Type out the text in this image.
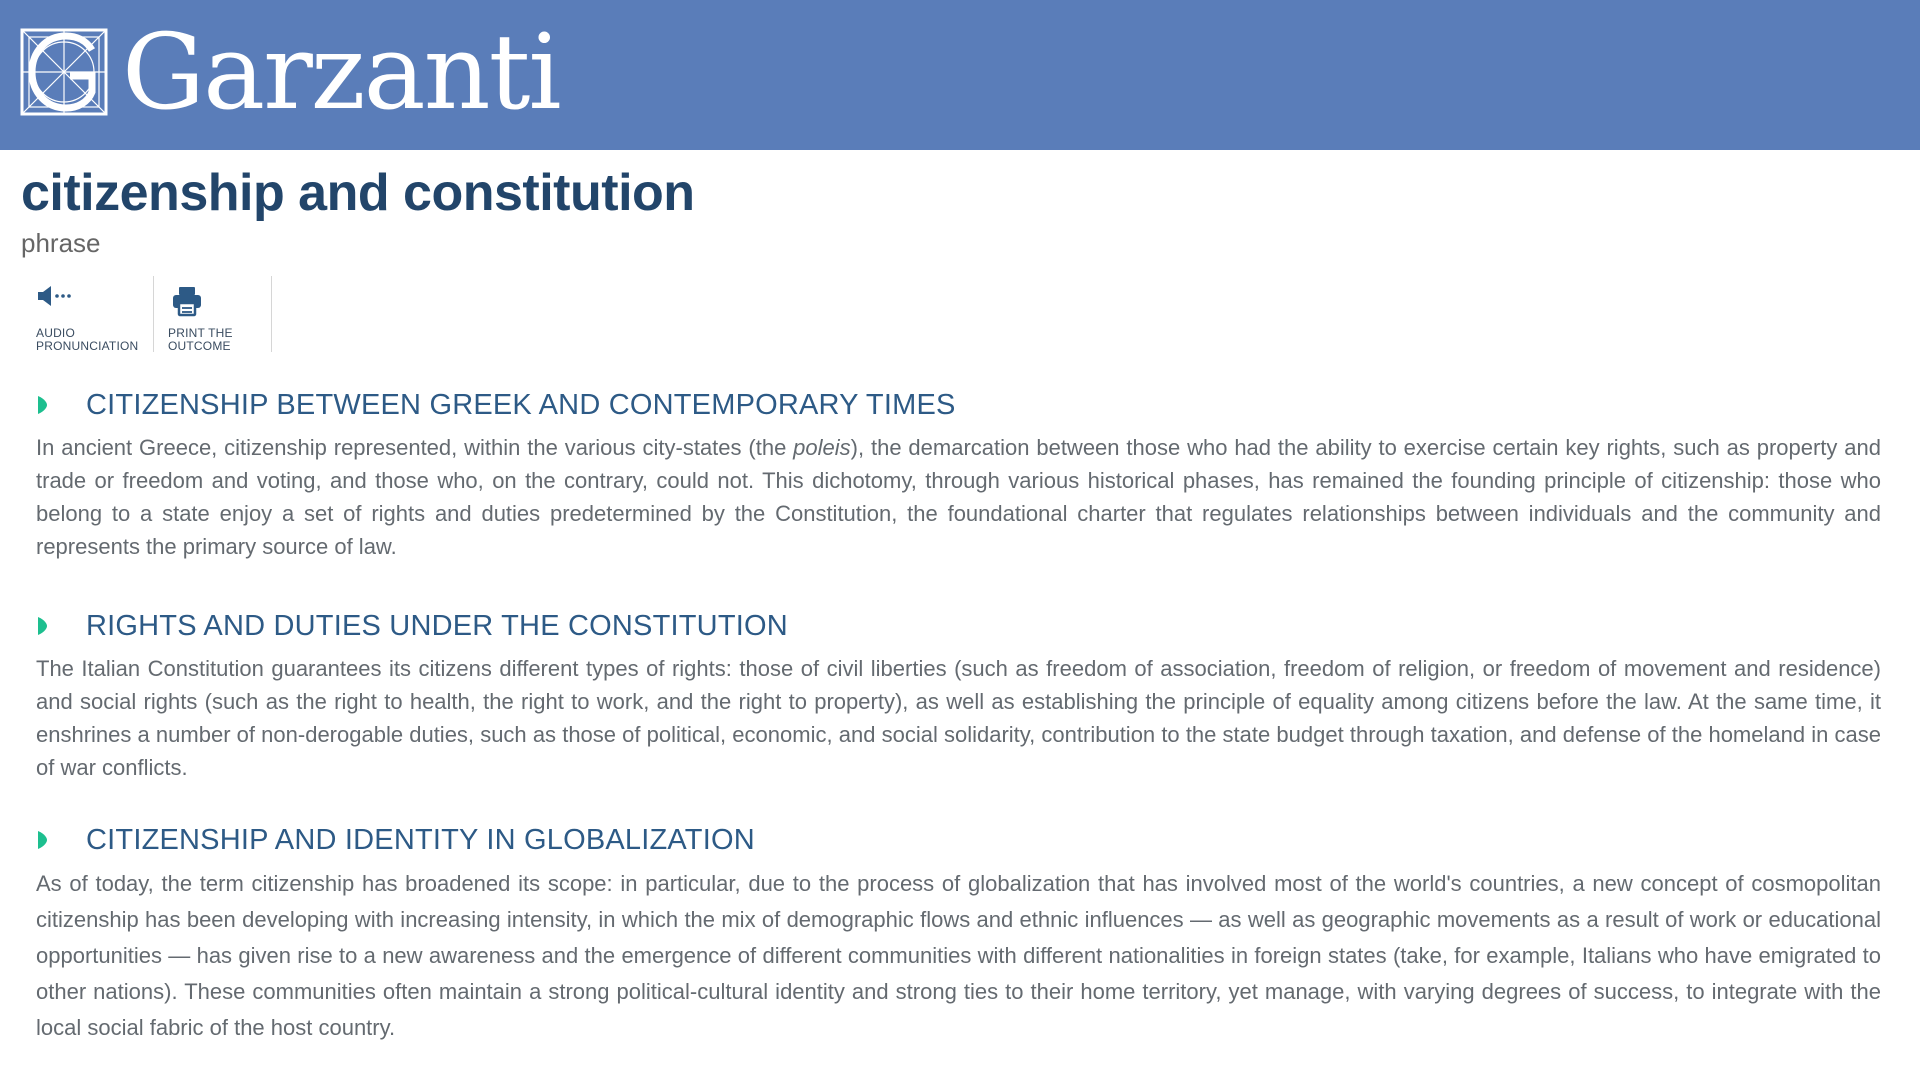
Garzanti
citizenship and constitution
phrase
AUDIO
PRONUNCIATION
PRINT THE
OUTCOME
CITIZENSHIP BETWEEN GREEK AND CONTEMPORARY TIMES

In ancient Greece, citizenship represented, within the various city-states (the poleis), the demarcation between those who had the ability to exercise certain key rights, such as property and trade or freedom and voting, and those who, on the contrary, could not. This dichotomy, through various historical phases, has remained the founding principle of citizenship: those who belong to a state enjoy a set of rights and duties predetermined by the Constitution, the foundational charter that regulates relationships between individuals and the community and represents the primary source of law.

RIGHTS AND DUTIES UNDER THE CONSTITUTION

The Italian Constitution guarantees its citizens different types of rights: those of civil liberties (such as freedom of association, freedom of religion, or freedom of movement and residence) and social rights (such as the right to health, the right to work, and the right to property), as well as establishing the principle of equality among citizens before the law. At the same time, it enshrines a number of non-derogable duties, such as those of political, economic, and social solidarity, contribution to the state budget through taxation, and defense of the homeland in case of war conflicts.

CITIZENSHIP AND IDENTITY IN GLOBALIZATION

As of today, the term citizenship has broadened its scope: in particular, due to the process of globalization that has involved most of the world's countries, a new concept of cosmopolitan citizenship has been developing with increasing intensity, in which the mix of demographic flows and ethnic influences — as well as geographic movements as a result of work or educational opportunities — has given rise to a new awareness and the emergence of different communities with different nationalities in foreign states (take, for example, Italians who have emigrated to other nations). These communities often maintain a strong political-cultural identity and strong ties to their home territory, yet manage, with varying degrees of success, to integrate with the local social fabric of the host country.
